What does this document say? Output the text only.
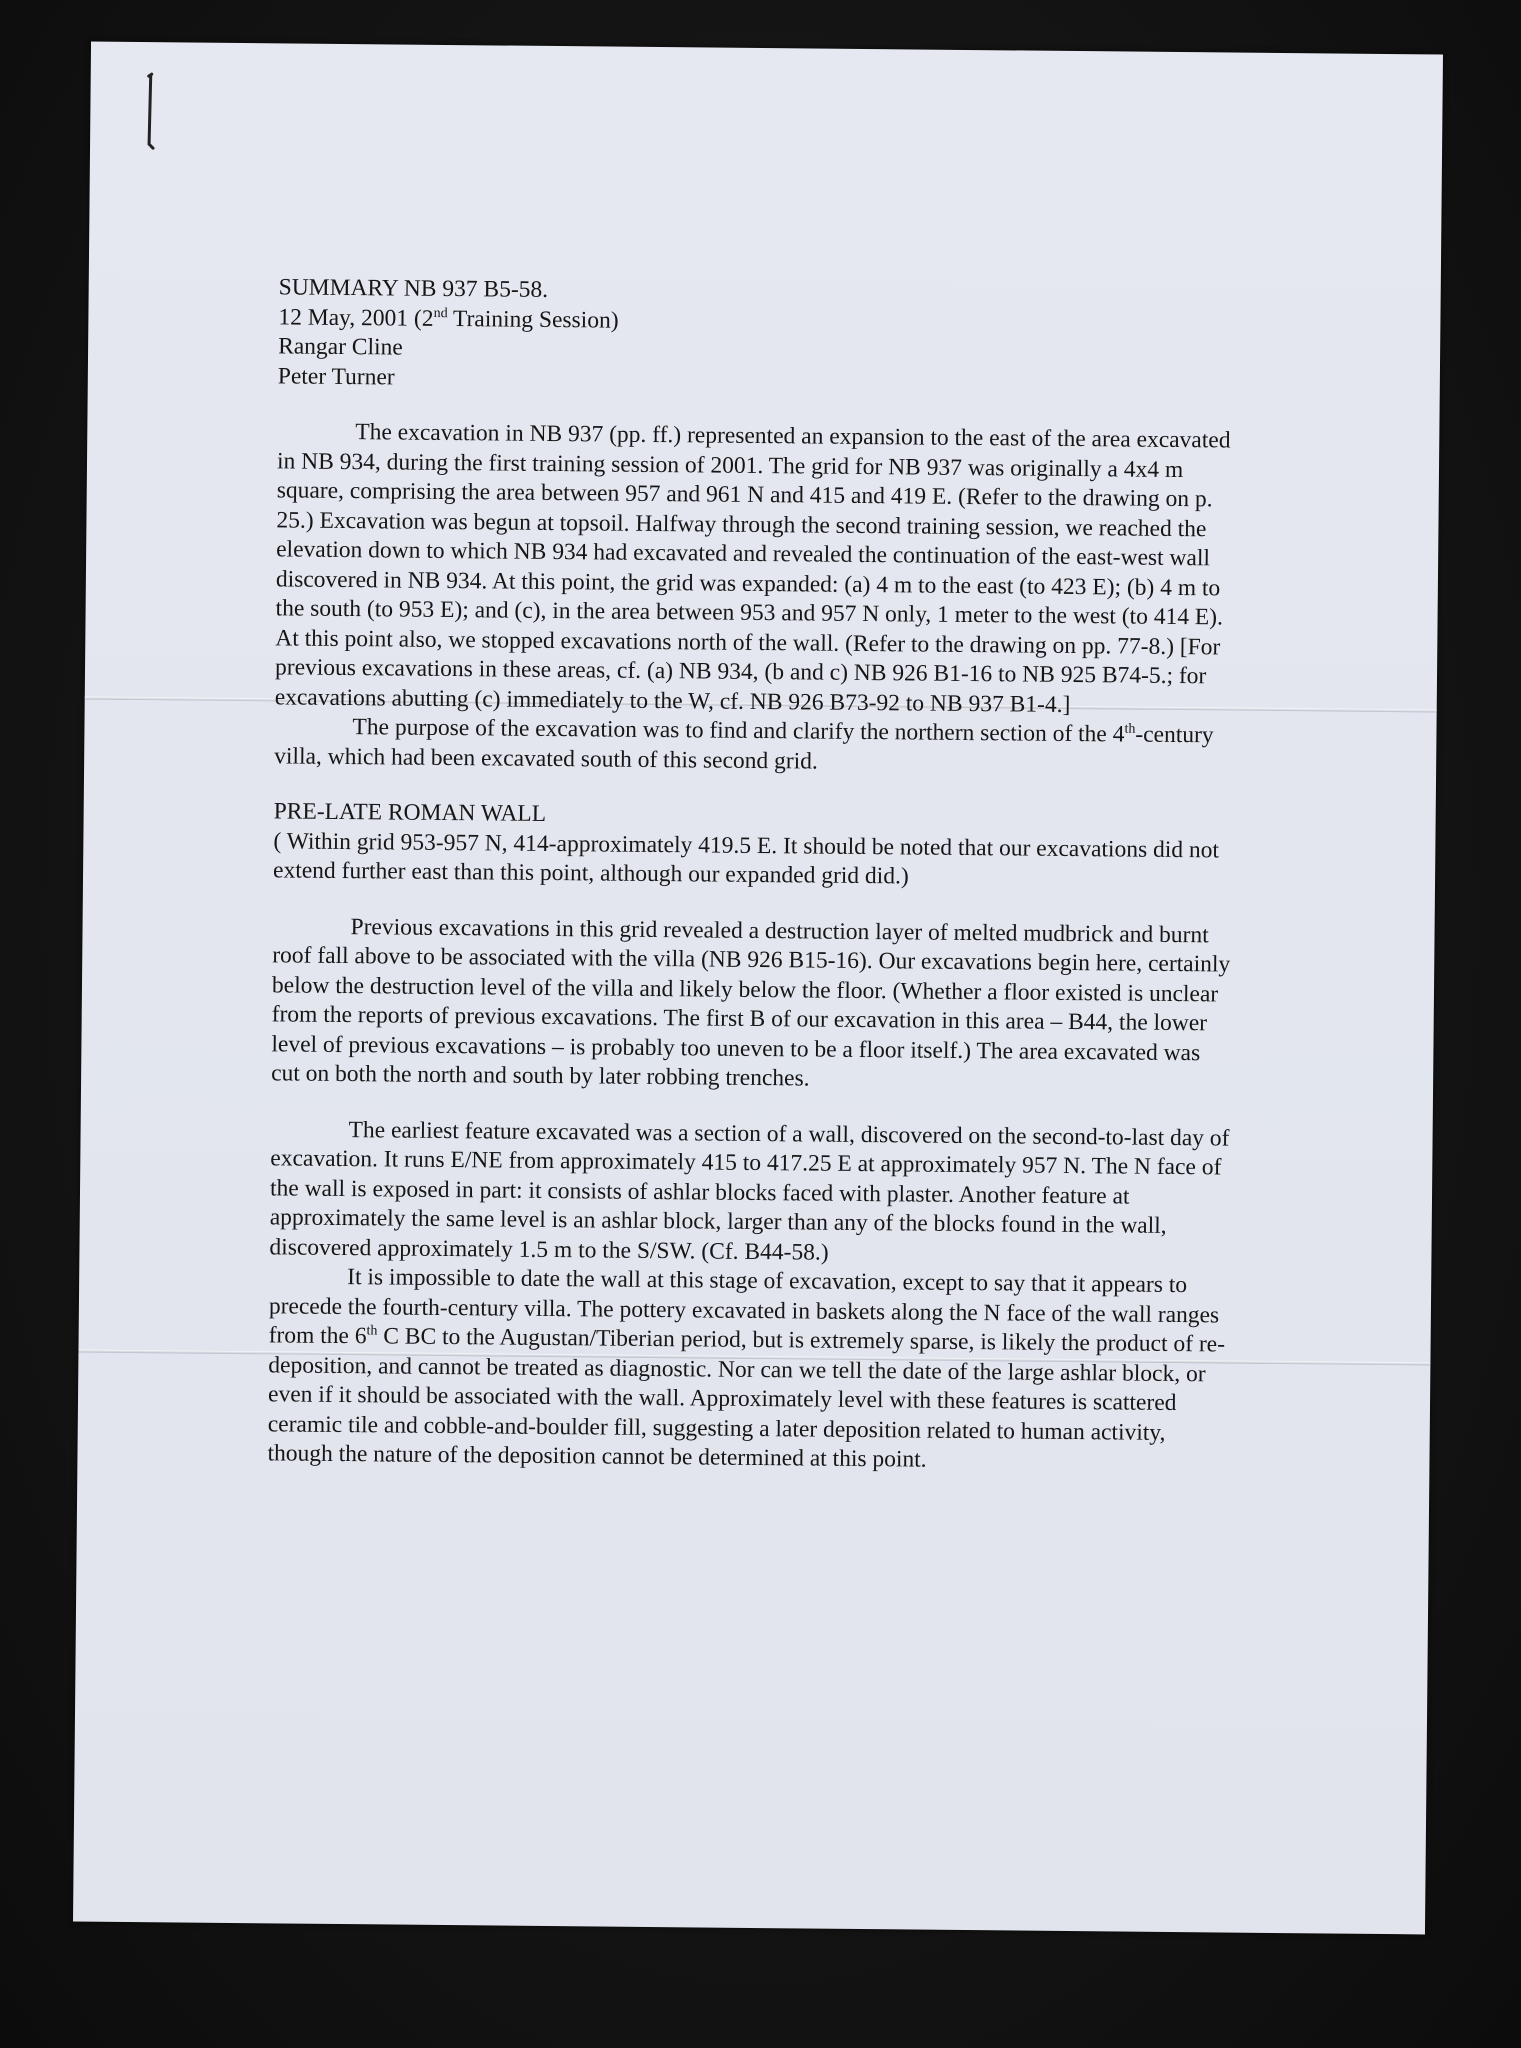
SUMMARY NB 937 B5-58.

12 May, 2001 (2nd Training Session)

Rangar Cline

Peter Turner

The excavation in NB 937 (pp. ff.) represented an expansion to the east of the area excavated in NB 934, during the first training session of 2001. The grid for NB 937 was originally a 4x4 m square, comprising the area between 957 and 961 N and 415 and 419 E. (Refer to the drawing on p. 25.) Excavation was begun at topsoil. Halfway through the second training session, we reached the elevation down to which NB 934 had excavated and revealed the continuation of the east-west wall discovered in NB 934. At this point, the grid was expanded: (a) 4 m to the east (to 423 E); (b) 4 m to the south (to 953 E); and (c), in the area between 953 and 957 N only, 1 meter to the west (to 414 E). At this point also, we stopped excavations north of the wall. (Refer to the drawing on pp. 77-8.) [For previous excavations in these areas, cf. (a) NB 934, (b and c) NB 926 B1-16 to NB 925 B74-5.; for excavations abutting (c) immediately to the W, cf. NB 926 B73-92 to NB 937 B1-4.]

The purpose of the excavation was to find and clarify the northern section of the 4th-century villa, which had been excavated south of this second grid.

PRE-LATE ROMAN WALL

( Within grid 953-957 N, 414-approximately 419.5 E. It should be noted that our excavations did not extend further east than this point, although our expanded grid did.)

Previous excavations in this grid revealed a destruction layer of melted mudbrick and burnt roof fall above to be associated with the villa (NB 926 B15-16). Our excavations begin here, certainly below the destruction level of the villa and likely below the floor. (Whether a floor existed is unclear from the reports of previous excavations. The first B of our excavation in this area – B44, the lower level of previous excavations – is probably too uneven to be a floor itself.) The area excavated was cut on both the north and south by later robbing trenches.

The earliest feature excavated was a section of a wall, discovered on the second-to-last day of excavation. It runs E/NE from approximately 415 to 417.25 E at approximately 957 N. The N face of the wall is exposed in part: it consists of ashlar blocks faced with plaster. Another feature at approximately the same level is an ashlar block, larger than any of the blocks found in the wall, discovered approximately 1.5 m to the S/SW. (Cf. B44-58.)

It is impossible to date the wall at this stage of excavation, except to say that it appears to precede the fourth-century villa. The pottery excavated in baskets along the N face of the wall ranges from the 6th C BC to the Augustan/Tiberian period, but is extremely sparse, is likely the product of re-deposition, and cannot be treated as diagnostic. Nor can we tell the date of the large ashlar block, or even if it should be associated with the wall. Approximately level with these features is scattered ceramic tile and cobble-and-boulder fill, suggesting a later deposition related to human activity, though the nature of the deposition cannot be determined at this point.
